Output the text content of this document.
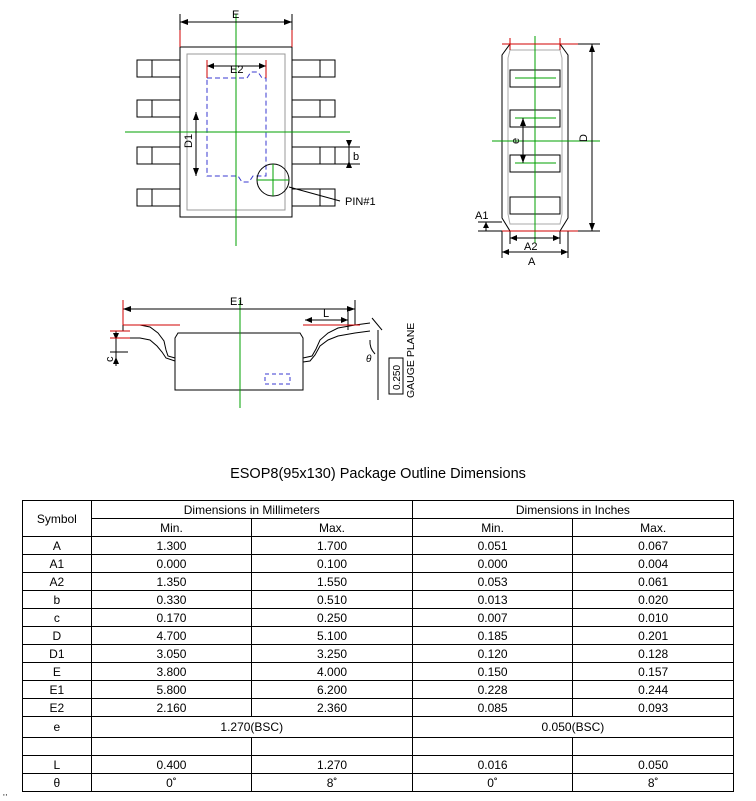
E
E2
D1
b
PIN#1
D
e
A1
A2
A
E1
L
c	θ
0.250 GAUGE PLANE
ESOP8(95x130) Package Outline Dimensions
Symbol	Dimensions in Millimeters		Dimensions in Inches	
	Min.	Max.	Min.	Max.
A	1.300	1.700	0.051	0.067
A1	0.000	0.100	0.000	0.004
A2	1.350	1.550	0.053	0.061
b	0.330	0.510	0.013	0.020
c	0.170	0.250	0.007	0.010
D	4.700	5.100	0.185	0.201
D1	3.050	3.250	0.120	0.128
E	3.800	4.000	0.150	0.157
E1	5.800	6.200	0.228	0.244
E2	2.160	2.360	0.085	0.093
e	1.270(BSC)		0.050(BSC)	

L	0.400	1.270	0.016	0.050
θ	0˚	8˚	0˚	8˚
··
